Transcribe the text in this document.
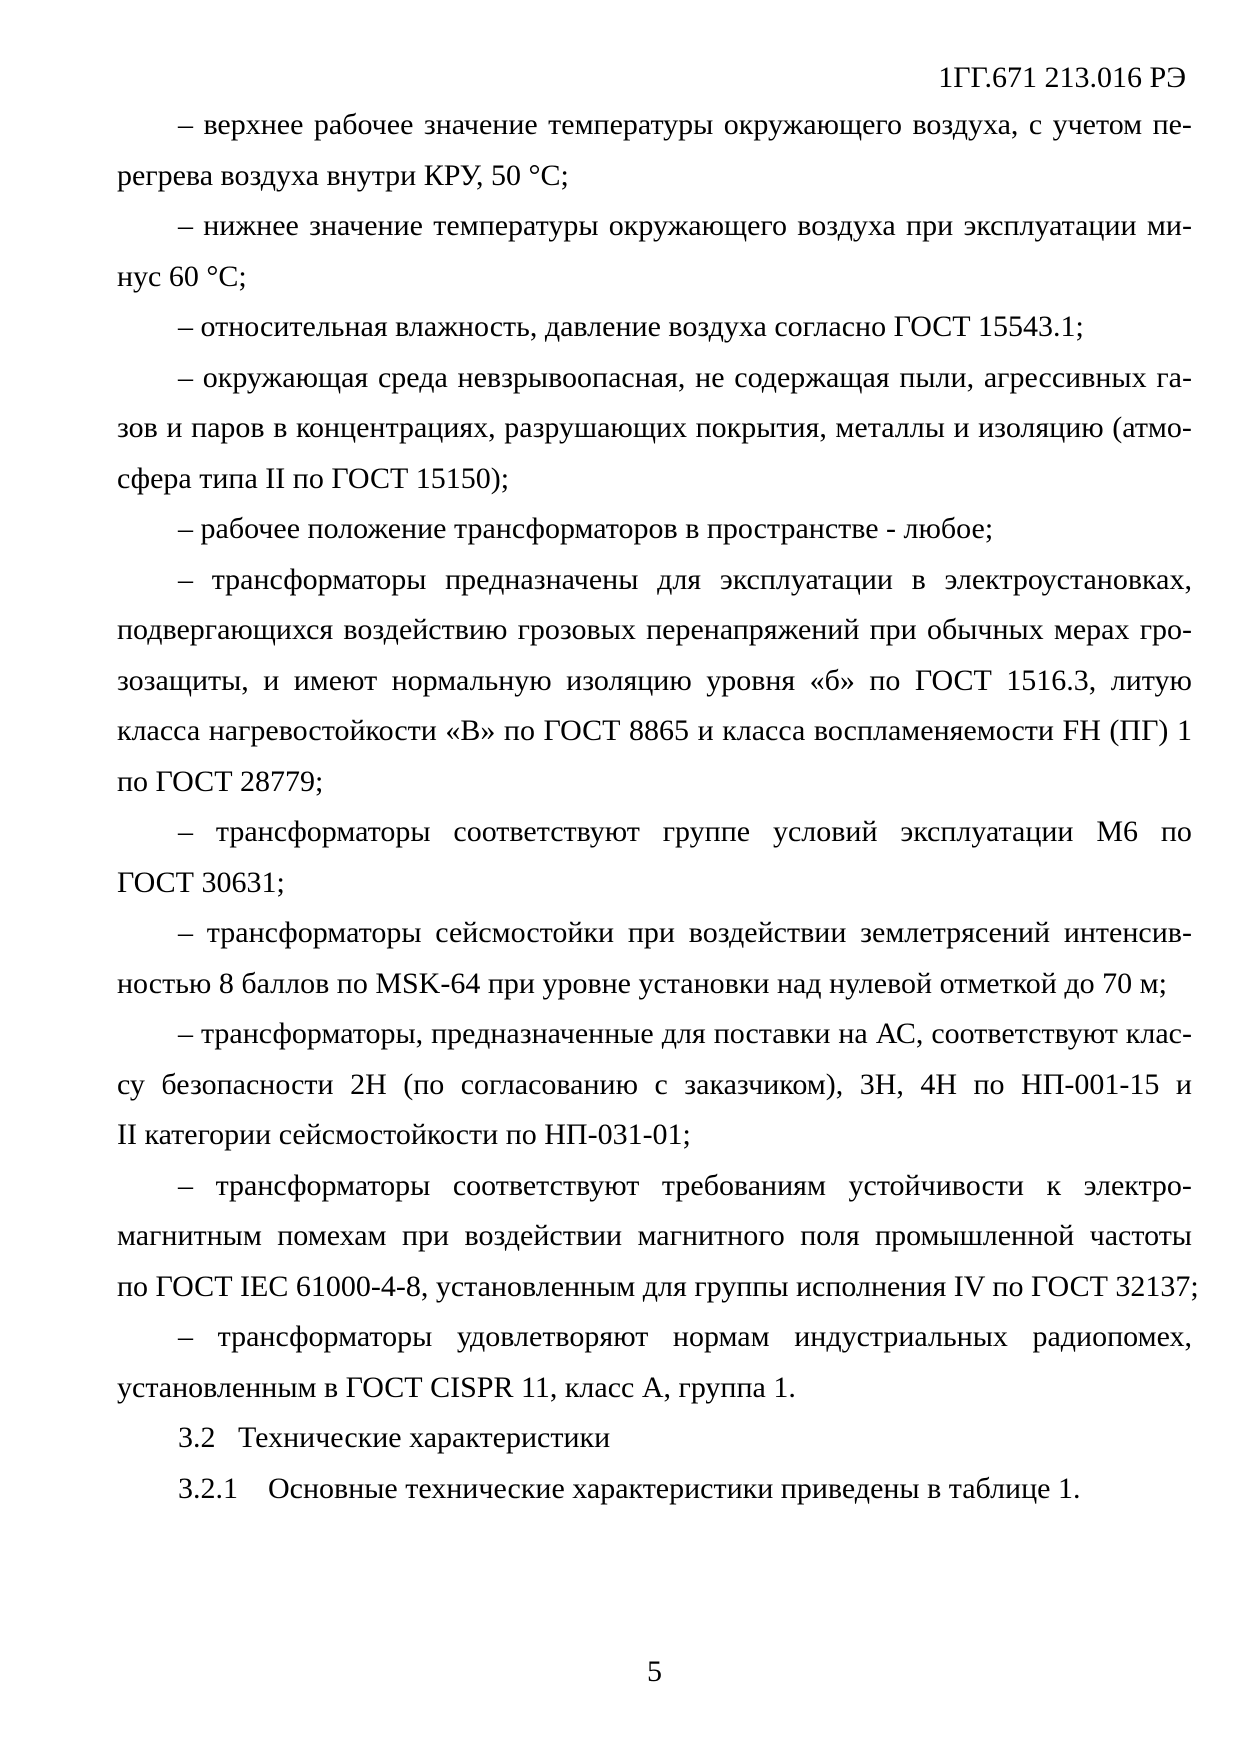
1ГГ.671 213.016 РЭ
– верхнее рабочее значение температуры окружающего воздуха, с учетом пе-
регрева воздуха внутри КРУ, 50 °С;
– нижнее значение температуры окружающего воздуха при эксплуатации ми-
нус 60 °С;
– относительная влажность, давление воздуха согласно ГОСТ 15543.1;
– окружающая среда невзрывоопасная, не содержащая пыли, агрессивных га-
зов и паров в концентрациях, разрушающих покрытия, металлы и изоляцию (атмо-
сфера типа II по ГОСТ 15150);
– рабочее положение трансформаторов в пространстве - любое;
– трансформаторы предназначены для эксплуатации в электроустановках,
подвергающихся воздействию грозовых перенапряжений при обычных мерах гро-
зозащиты, и имеют нормальную изоляцию уровня «б» по ГОСТ 1516.3, литую
класса нагревостойкости «В» по ГОСТ 8865 и класса воспламеняемости FH (ПГ) 1
по ГОСТ 28779;
– трансформаторы соответствуют группе условий эксплуатации М6 по
ГОСТ 30631;
– трансформаторы сейсмостойки при воздействии землетрясений интенсив-
ностью 8 баллов по MSK-64 при уровне установки над нулевой отметкой до 70 м;
– трансформаторы, предназначенные для поставки на АС, соответствуют клас-
су безопасности 2Н (по согласованию с заказчиком), 3Н, 4Н по НП-001-15 и
II категории сейсмостойкости по НП-031-01;
– трансформаторы соответствуют требованиям устойчивости к электро-
магнитным помехам при воздействии магнитного поля промышленной частоты
по ГОСТ IEC 61000-4-8, установленным для группы исполнения IV по ГОСТ 32137;
– трансформаторы удовлетворяют нормам индустриальных радиопомех,
установленным в ГОСТ CISPR 11, класс А, группа 1.
3.2   Технические характеристики
3.2.1    Основные технические характеристики приведены в таблице 1.
5
